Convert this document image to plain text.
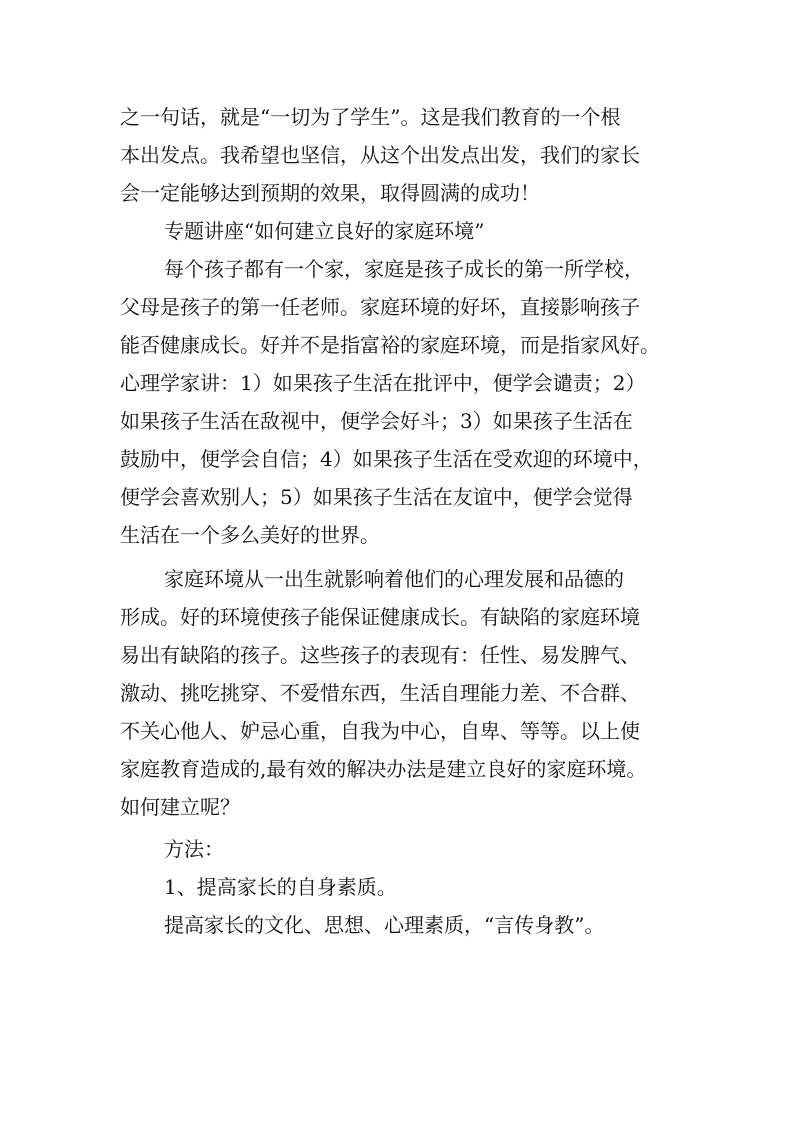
之一句话，就是“一切为了学生”。这是我们教育的一个根
本出发点。我希望也坚信，从这个出发点出发，我们的家长
会一定能够达到预期的效果，取得圆满的成功！
专题讲座“如何建立良好的家庭环境”
每个孩子都有一个家，家庭是孩子成长的第一所学校，
父母是孩子的第一任老师。家庭环境的好坏，直接影响孩子
能否健康成长。好并不是指富裕的家庭环境，而是指家风好。
心理学家讲：1）如果孩子生活在批评中，便学会谴责；2）
如果孩子生活在敌视中，便学会好斗；3）如果孩子生活在
鼓励中，便学会自信；4）如果孩子生活在受欢迎的环境中，
便学会喜欢别人；5）如果孩子生活在友谊中，便学会觉得
生活在一个多么美好的世界。
家庭环境从一出生就影响着他们的心理发展和品德的
形成。好的环境使孩子能保证健康成长。有缺陷的家庭环境
易出有缺陷的孩子。这些孩子的表现有：任性、易发脾气、
激动、挑吃挑穿、不爱惜东西，生活自理能力差、不合群、
不关心他人、妒忌心重，自我为中心，自卑、等等。以上使
家庭教育造成的,最有效的解决办法是建立良好的家庭环境。
如何建立呢？
方法：
1、提高家长的自身素质。
提高家长的文化、思想、心理素质，“言传身教”。
